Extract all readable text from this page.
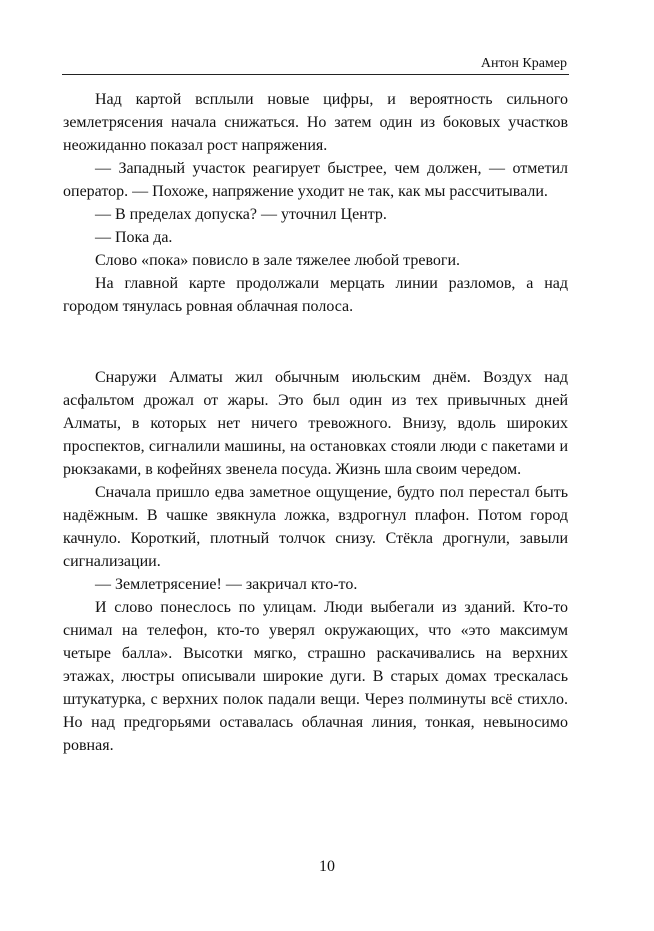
Антон Крамер

Над картой всплыли новые цифры, и вероятность сильного землетрясения начала снижаться. Но затем один из боковых участков неожиданно показал рост напряжения.

— Западный участок реагирует быстрее, чем должен, — отметил оператор. — Похоже, напряжение уходит не так, как мы рассчитывали.

— В пределах допуска? — уточнил Центр.

— Пока да.

Слово «пока» повисло в зале тяжелее любой тревоги.

На главной карте продолжали мерцать линии разломов, а над городом тянулась ровная облачная полоса.

Снаружи Алматы жил обычным июльским днём. Воздух над асфальтом дрожал от жары. Это был один из тех привычных дней Алматы, в которых нет ничего тревожного. Внизу, вдоль широких проспектов, сигналили машины, на остановках стояли люди с пакетами и рюкзаками, в кофейнях звенела посуда. Жизнь шла своим чередом.

Сначала пришло едва заметное ощущение, будто пол перестал быть надёжным. В чашке звякнула ложка, вздрогнул плафон. Потом город качнуло. Короткий, плотный толчок снизу. Стёкла дрогнули, завыли сигнализации.

— Землетрясение! — закричал кто-то.

И слово понеслось по улицам. Люди выбегали из зданий. Кто-то снимал на телефон, кто-то уверял окружающих, что «это максимум четыре балла». Высотки мягко, страшно раскачивались на верхних этажах, люстры описывали широкие дуги. В старых домах трескалась штукатурка, с верхних полок падали вещи. Через полминуты всё стихло. Но над предгорьями оставалась облачная линия, тонкая, невыносимо ровная.

10
